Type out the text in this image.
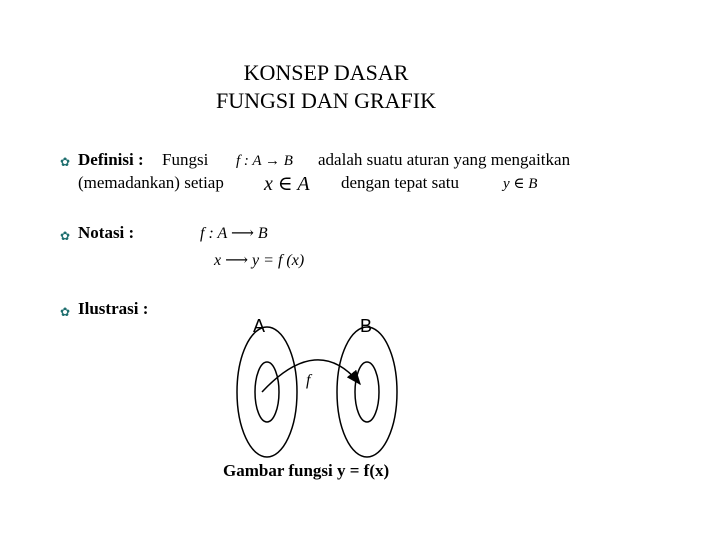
KONSEP DASAR
FUNGSI DAN GRAFIK
✿ Definisi : Fungsi f : A → B adalah suatu aturan yang mengaitkan
(memadankan) setiap x ∈ A dengan tepat satu	y ∈ B
✿ Notasi :	f : A ⟶ B
x ⟶ y = f (x)
✿ Ilustrasi :
A	B
f
Gambar fungsi y = f(x)
